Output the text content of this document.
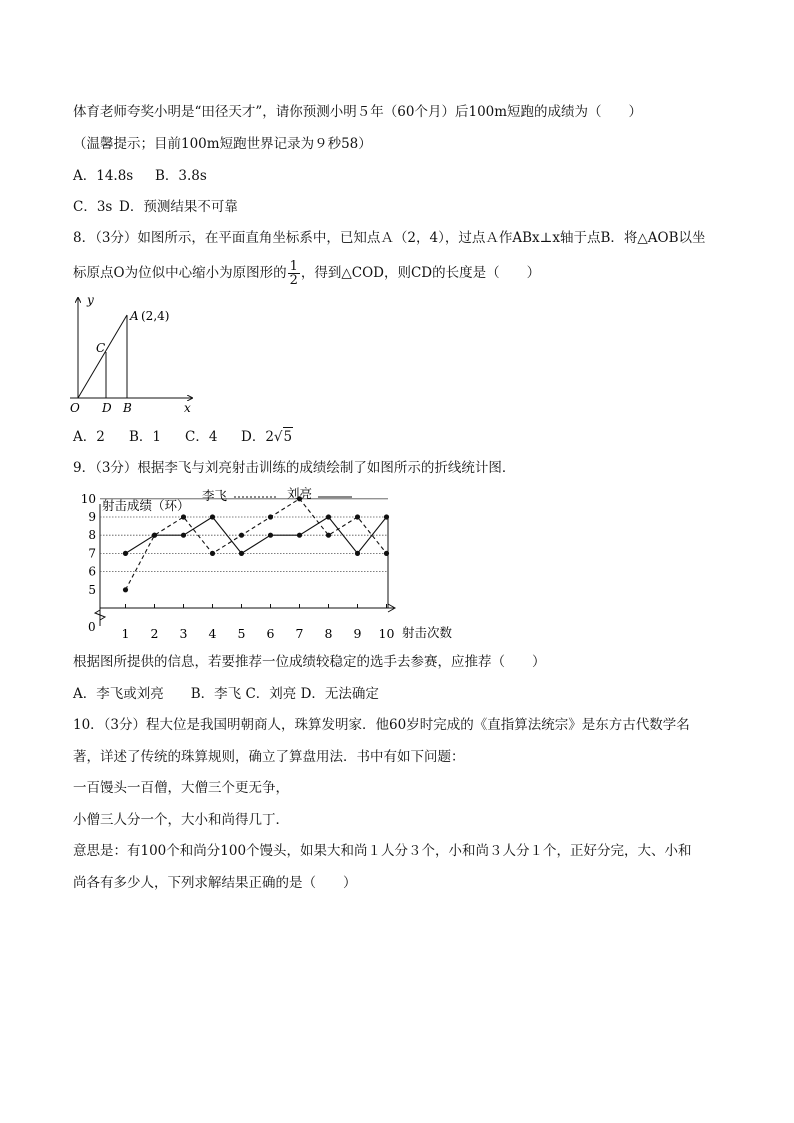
体育老师夸奖小明是“田径天才”，请你预测小明５年（60个月）后100m短跑的成绩为（　　）
（温馨提示；目前100m短跑世界记录为９秒58）
A．14.8s B．3.8s
C．3s D．预测结果不可靠
8．（3分）如图所示，在平面直角坐标系中，已知点Ａ（2，4），过点Ａ作ABx⊥x轴于点B．将△AOB以坐
标原点O为位似中心缩小为原图形的 $\frac{1}{2}$ ，得到△COD，则CD的长度是（　　）
y
x
O D B
C
A (2,4)
A．2 B．1 C．4 D．2√5
9．（3分）根据李飞与刘亮射击训练的成绩绘制了如图所示的折线统计图．
5
6
7
8
9
10
1 2 3 4 5 6 7 8 9 10
射击成绩（环）
射击次数
0
李飞	刘亮
根据图所提供的信息，若要推荐一位成绩较稳定的选手去参赛，应推荐（　　）
A．李飞或刘亮　　B．李飞 C．刘亮 D．无法确定
10．（3分）程大位是我国明朝商人，珠算发明家．他60岁时完成的《直指算法统宗》是东方古代数学名
著，详述了传统的珠算规则，确立了算盘用法．书中有如下问题：
一百馒头一百僧，大僧三个更无争，
小僧三人分一个，大小和尚得几丁．
意思是：有100个和尚分100个馒头，如果大和尚１人分３个，小和尚３人分１个，正好分完，大、小和
尚各有多少人，下列求解结果正确的是（　　）
